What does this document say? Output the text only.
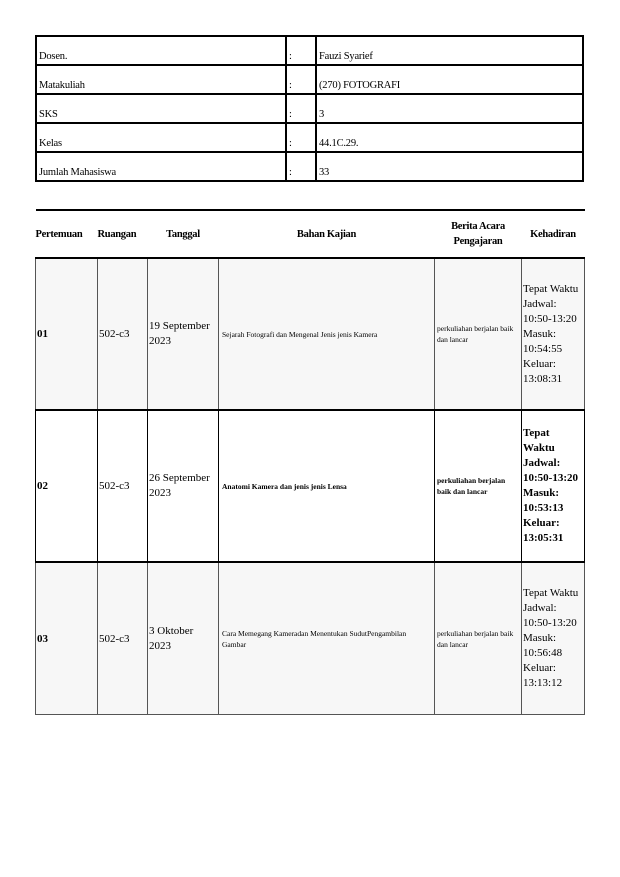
Dosen.	:	Fauzi Syarief
Matakuliah	:	(270) FOTOGRAFI
SKS	:	3
Kelas	:	44.1C.29.
Jumlah Mahasiswa	:	33
Pertemuan	Ruangan	Tanggal	Bahan Kajian	Berita Acara Pengajaran	Kehadiran
01	502-c3	19 September 2023	Sejarah Fotografi dan Mengenal Jenis jenis Kamera	perkuliahan berjalan baik dan lancar	Tepat Waktu Jadwal: 10:50-13:20 Masuk: 10:54:55 Keluar: 13:08:31
02	502-c3	26 September 2023	Anatomi Kamera dan jenis jenis Lensa	perkuliahan berjalan baik dan lancar	Tepat Waktu Jadwal: 10:50-13:20 Masuk: 10:53:13 Keluar: 13:05:31
03	502-c3	3 Oktober 2023	Cara Memegang Kameradan Menentukan SudutPengambilan Gambar	perkuliahan berjalan baik dan lancar	Tepat Waktu Jadwal: 10:50-13:20 Masuk: 10:56:48 Keluar: 13:13:12
